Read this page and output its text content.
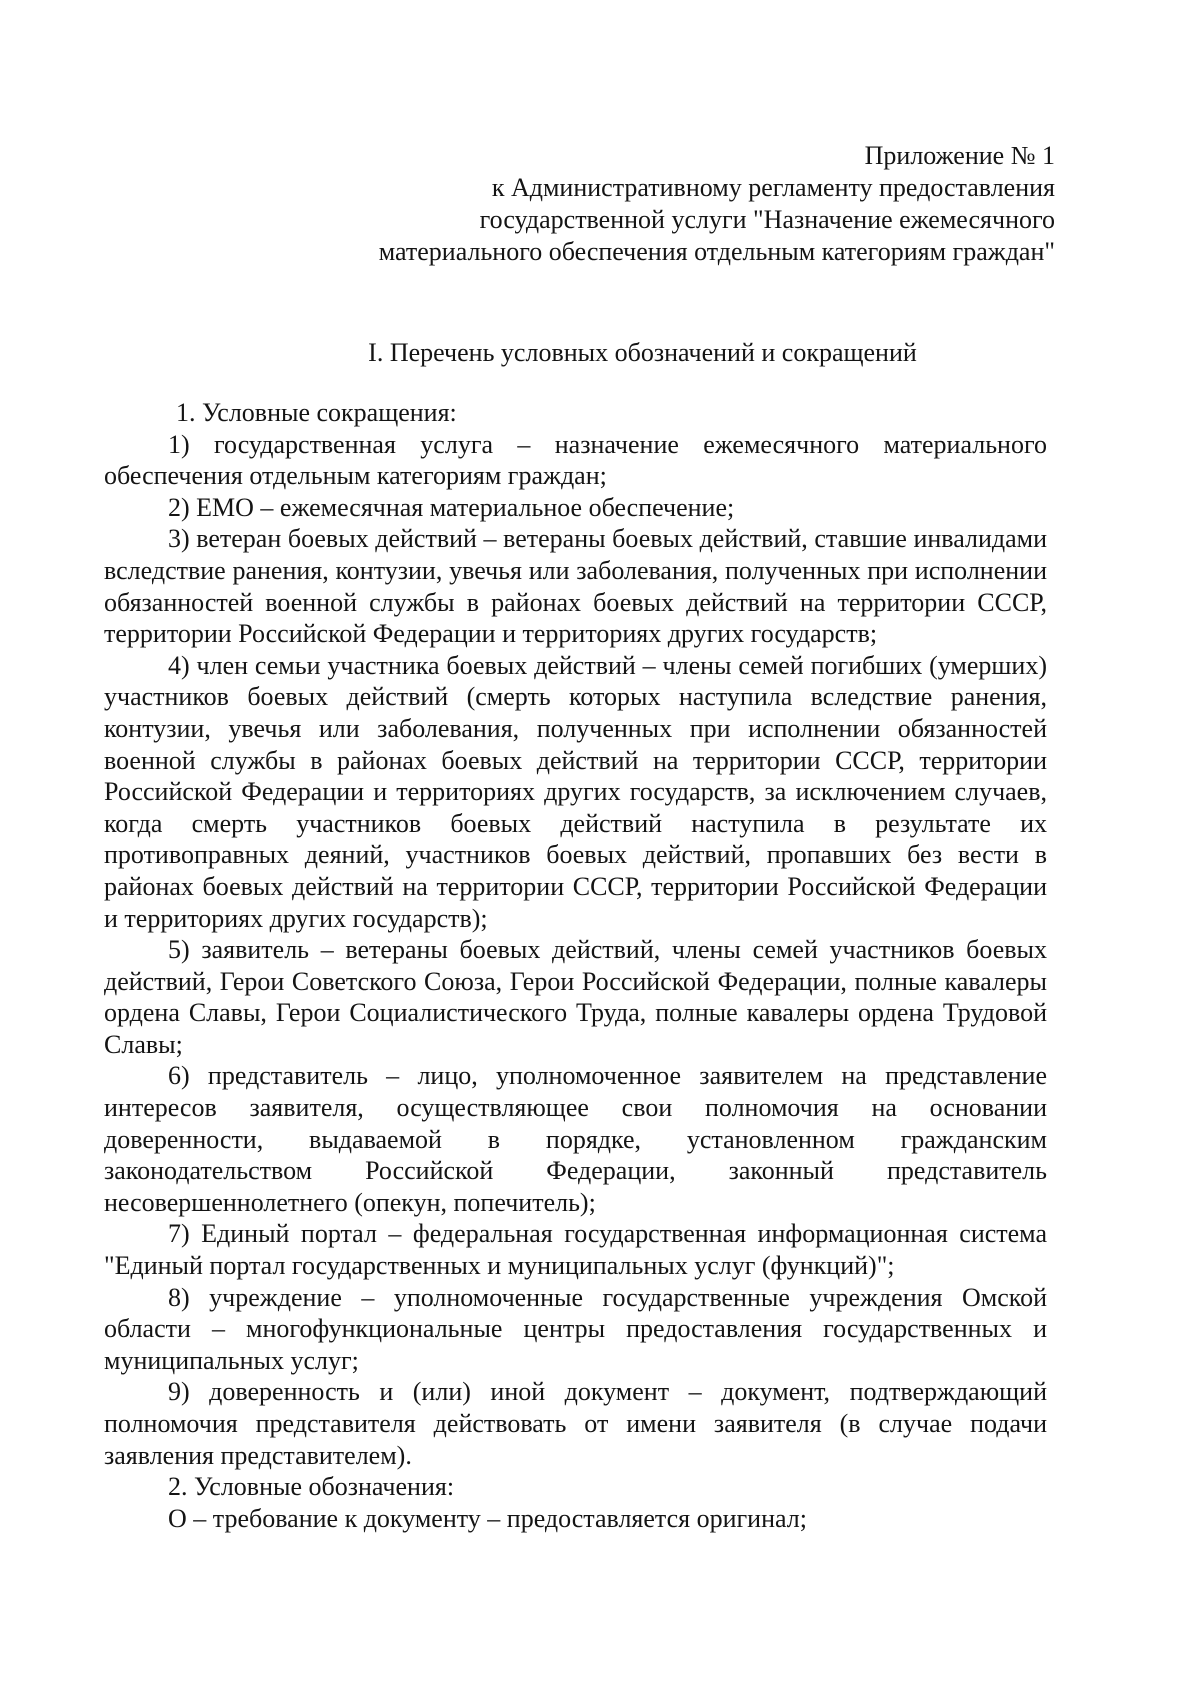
Приложение № 1
к Административному регламенту предоставления
государственной услуги "Назначение ежемесячного
материального обеспечения отдельным категориям граждан"
I. Перечень условных обозначений и сокращений

1. Условные сокращения:

1) государственная услуга – назначение ежемесячного материального обеспечения отдельным категориям граждан;

2) ЕМО – ежемесячная материальное обеспечение;

3) ветеран боевых действий – ветераны боевых действий, ставшие инвалидами вследствие ранения, контузии, увечья или заболевания, полученных при исполнении обязанностей военной службы в районах боевых действий на территории СССР, территории Российской Федерации и территориях других государств;

4) член семьи участника боевых действий – члены семей погибших (умерших) участников боевых действий (смерть которых наступила вследствие ранения, контузии, увечья или заболевания, полученных при исполнении обязанностей военной службы в районах боевых действий на территории СССР, территории Российской Федерации и территориях других государств, за исключением случаев, когда смерть участников боевых действий наступила в результате их противоправных деяний, участников боевых действий, пропавших без вести в районах боевых действий на территории СССР, территории Российской Федерации и территориях других государств);

5) заявитель – ветераны боевых действий, члены семей участников боевых действий, Герои Советского Союза, Герои Российской Федерации, полные кавалеры ордена Славы, Герои Социалистического Труда, полные кавалеры ордена Трудовой Славы;

6) представитель – лицо, уполномоченное заявителем на представление интересов заявителя, осуществляющее свои полномочия на основании доверенности, выдаваемой в порядке, установленном гражданским законодательством Российской Федерации, законный представитель несовершеннолетнего (опекун, попечитель);

7) Единый портал – федеральная государственная информационная система "Единый портал государственных и муниципальных услуг (функций)";

8) учреждение – уполномоченные государственные учреждения Омской области – многофункциональные центры предоставления государственных и муниципальных услуг;

9) доверенность и (или) иной документ – документ, подтверждающий полномочия представителя действовать от имени заявителя (в случае подачи заявления представителем).

2. Условные обозначения:

О – требование к документу – предоставляется оригинал;
